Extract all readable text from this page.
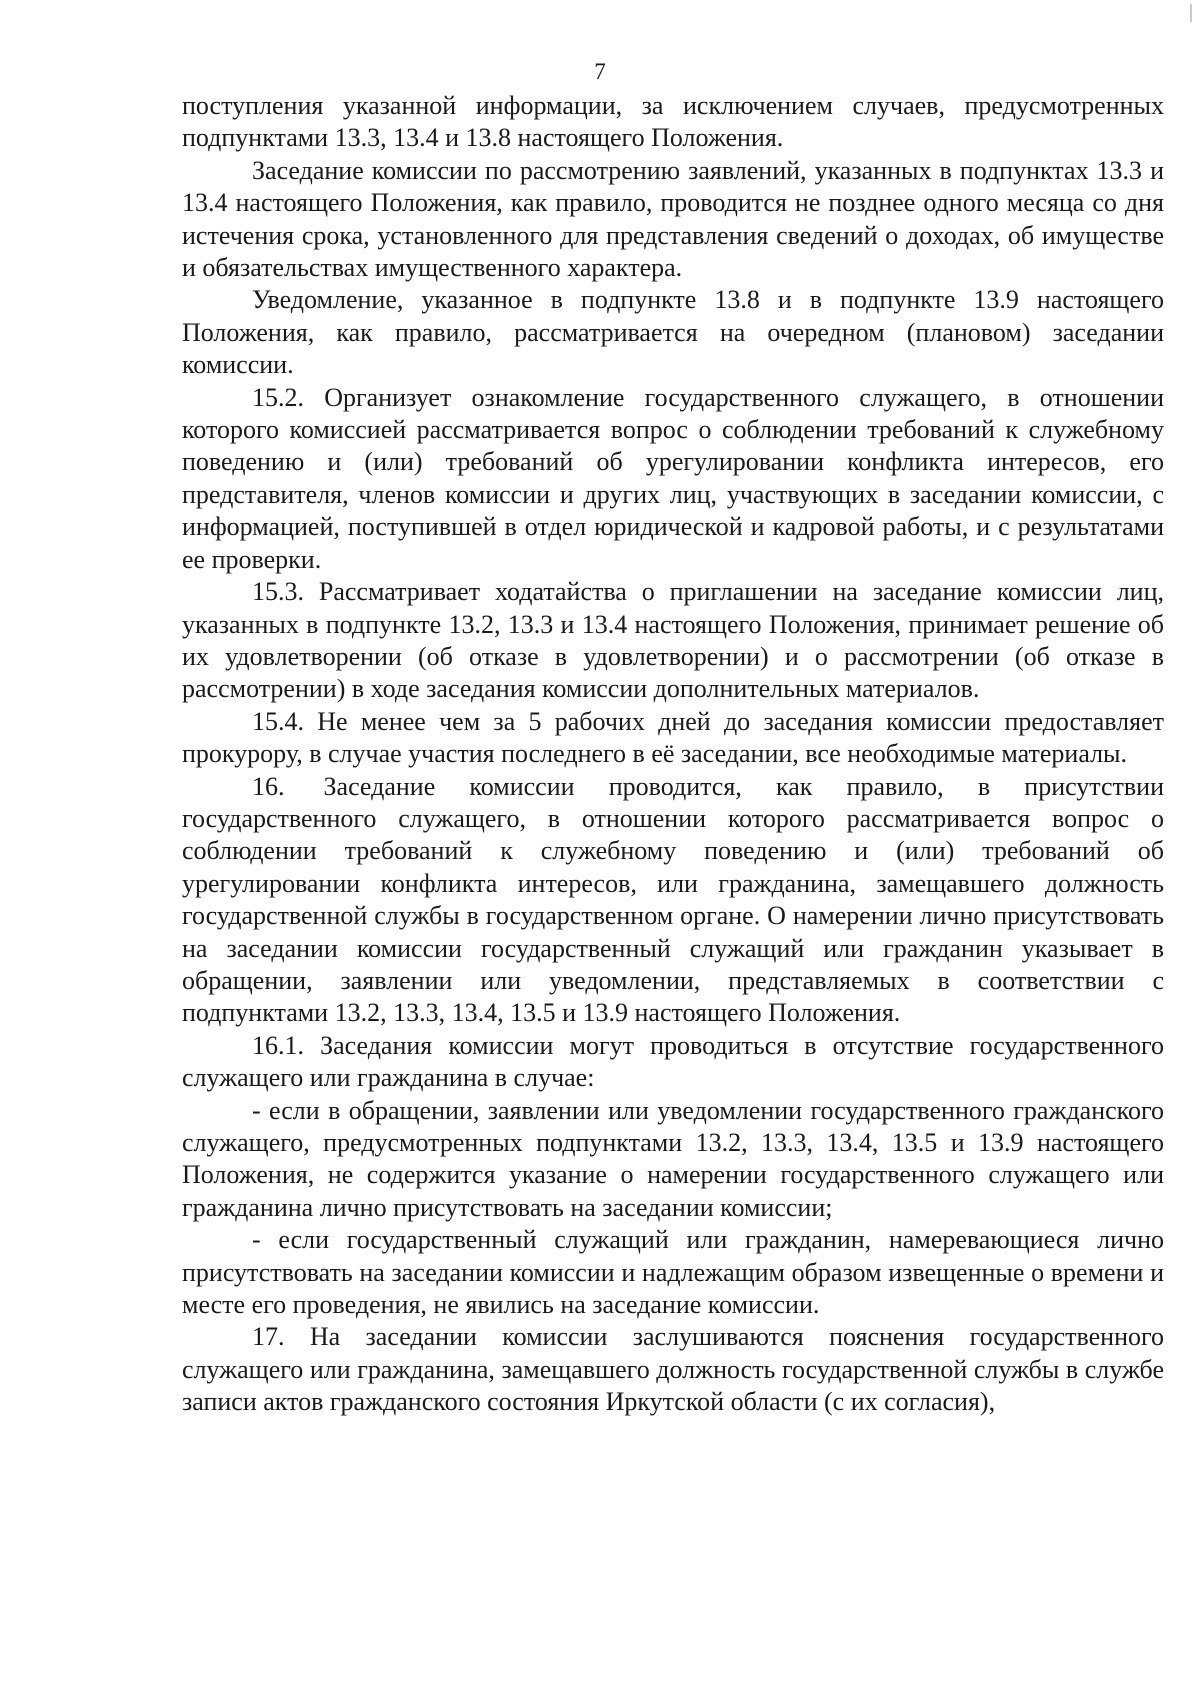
7

поступления указанной информации, за исключением случаев, предусмотренных подпунктами 13.3, 13.4 и 13.8 настоящего Положения.

Заседание комиссии по рассмотрению заявлений, указанных в подпунктах 13.3 и 13.4 настоящего Положения, как правило, проводится не позднее одного месяца со дня истечения срока, установленного для представления сведений о доходах, об имуществе и обязательствах имущественного характера.

Уведомление, указанное в подпункте 13.8 и в подпункте 13.9 настоящего Положения, как правило, рассматривается на очередном (плановом) заседании комиссии.

15.2. Организует ознакомление государственного служащего, в отношении которого комиссией рассматривается вопрос о соблюдении требований к служебному поведению и (или) требований об урегулировании конфликта интересов, его представителя, членов комиссии и других лиц, участвующих в заседании комиссии, с информацией, поступившей в отдел юридической и кадровой работы, и с результатами ее проверки.

15.3. Рассматривает ходатайства о приглашении на заседание комиссии лиц, указанных в подпункте 13.2, 13.3 и 13.4 настоящего Положения, принимает решение об их удовлетворении (об отказе в удовлетворении) и о рассмотрении (об отказе в рассмотрении) в ходе заседания комиссии дополнительных материалов.

15.4. Не менее чем за 5 рабочих дней до заседания комиссии предоставляет прокурору, в случае участия последнего в её заседании, все необходимые материалы.

16.  Заседание комиссии проводится, как правило, в присутствии государственного служащего, в отношении которого рассматривается вопрос о соблюдении требований к служебному поведению и (или) требований об урегулировании конфликта интересов, или гражданина, замещавшего должность государственной службы в государственном органе. О намерении лично присутствовать на заседании комиссии государственный служащий или гражданин указывает в обращении, заявлении или уведомлении, представляемых в соответствии с подпунктами 13.2, 13.3, 13.4, 13.5 и 13.9 настоящего Положения.

16.1. Заседания комиссии могут проводиться в отсутствие государственного служащего или гражданина в случае:

- если в обращении, заявлении или уведомлении государственного гражданского служащего, предусмотренных подпунктами 13.2, 13.3, 13.4, 13.5 и 13.9 настоящего Положения, не содержится указание о намерении государственного служащего или гражданина лично присутствовать на заседании комиссии;

- если государственный служащий или гражданин, намеревающиеся лично присутствовать на заседании комиссии и надлежащим образом извещенные о времени и месте его проведения, не явились на заседание комиссии.

17. На заседании комиссии заслушиваются пояснения государственного служащего или гражданина, замещавшего должность государственной службы в службе записи актов гражданского состояния Иркутской области (с их согласия),
